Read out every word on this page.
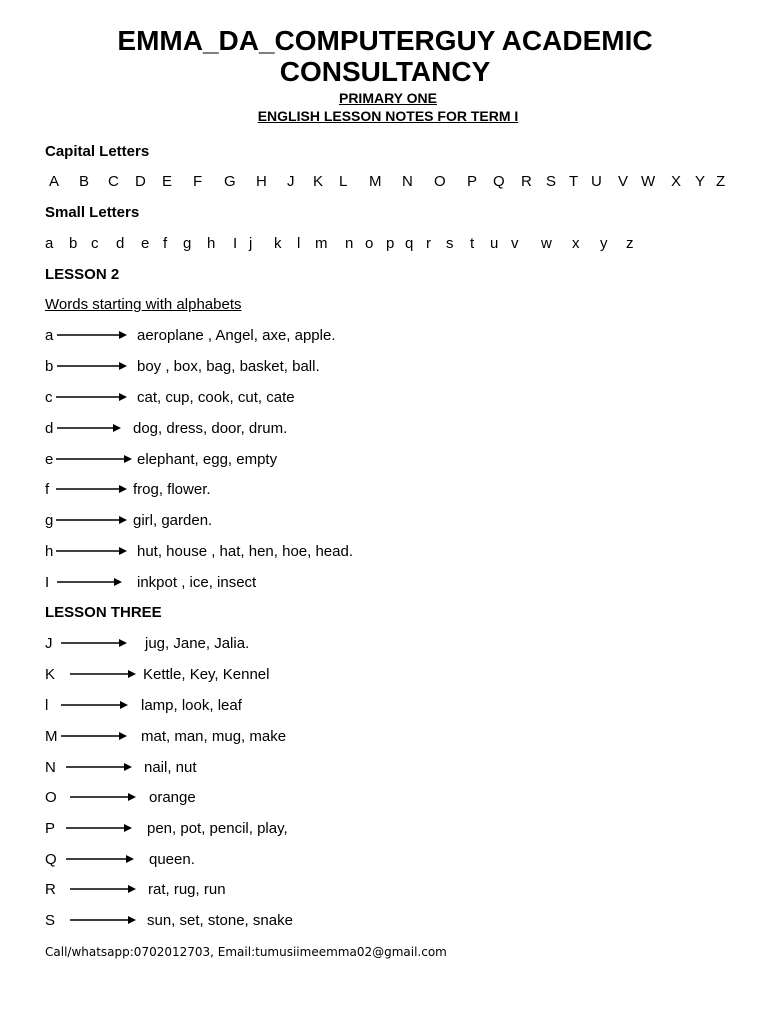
EMMA_DA_COMPUTERGUY ACADEMIC
CONSULTANCY
PRIMARY ONE
ENGLISH LESSON NOTES FOR TERM I
Capital Letters
A B C D E F G H J K L M N O P Q R S T U V W X Y Z
Small Letters
a b c d e f g h I j k l m n o p q r s t u v w x y z
LESSON 2
Words starting with alphabets
a	aeroplane , Angel, axe, apple.
b	boy , box, bag, basket, ball.
c	cat, cup, cook, cut, cate
d	dog, dress, door, drum.
e	elephant, egg, empty
f	frog, flower.
g	girl, garden.
h	hut, house , hat, hen, hoe, head.
I	inkpot , ice, insect
LESSON THREE
J	jug, Jane, Jalia.
K	Kettle, Key, Kennel
l	lamp, look, leaf
M	mat, man, mug, make
N	nail, nut
O	orange
P	pen, pot, pencil, play,
Q	queen.
R	rat, rug, run
S	sun, set, stone, snake
Call/whatsapp:0702012703, Email:tumusiimeemma02@gmail.com
